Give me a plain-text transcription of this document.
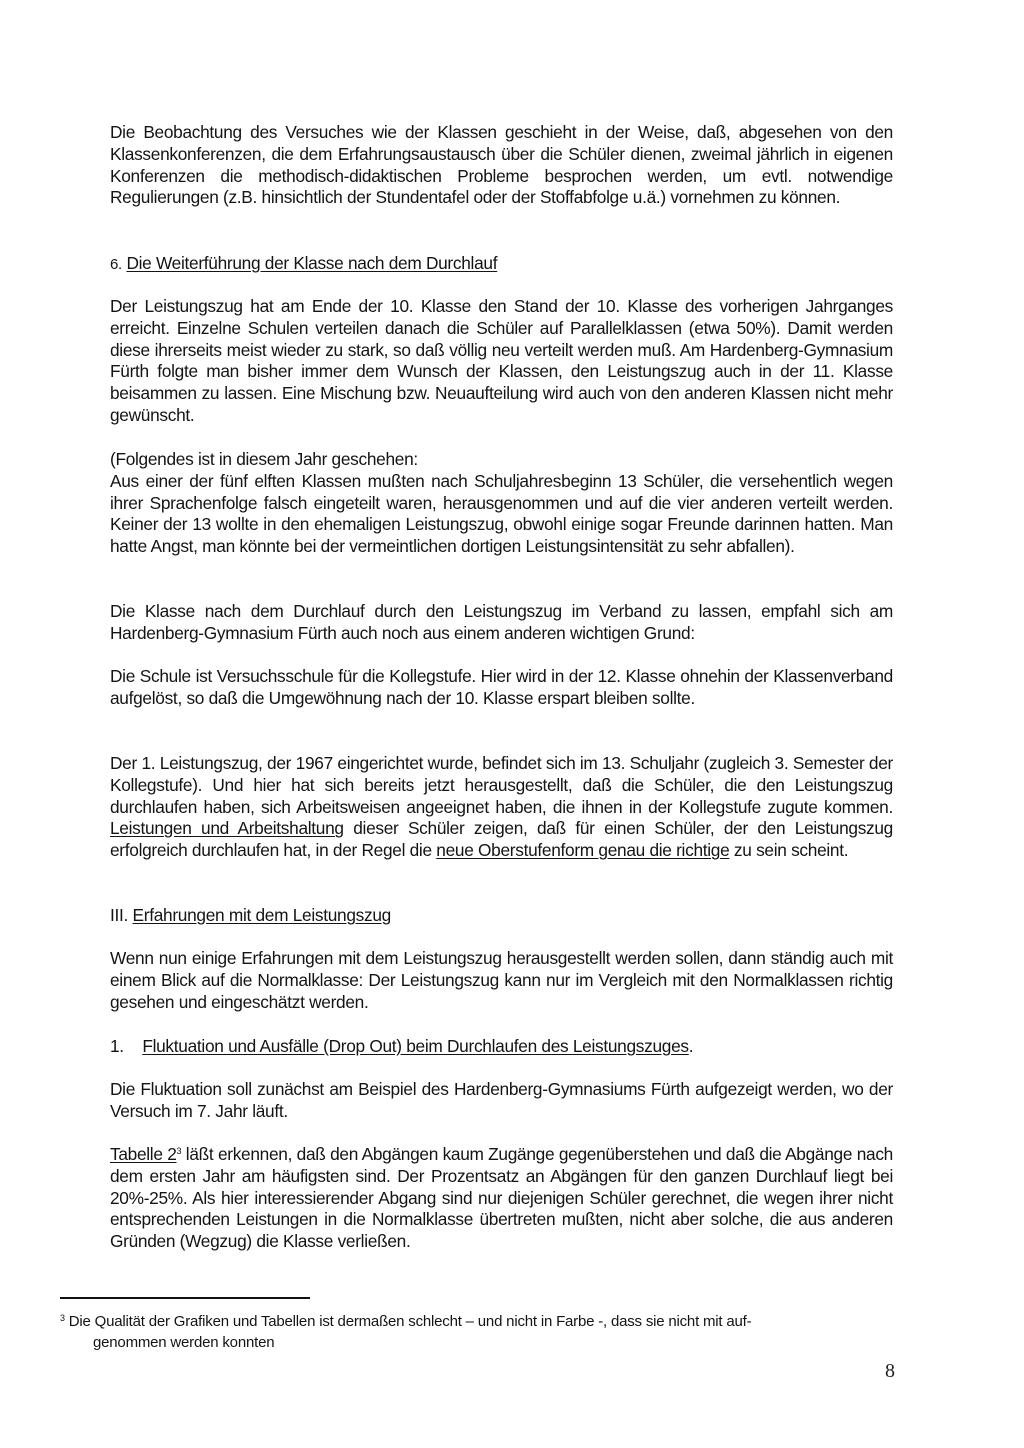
Die Beobachtung des Versuches wie der Klassen geschieht in der Weise, daß, abgesehen von den Klassenkonferenzen, die dem Erfahrungsaustausch über die Schüler dienen, zweimal jährlich in eigenen Konferenzen die methodisch-didaktischen Probleme besprochen werden, um evtl. notwendige Regulierungen (z.B. hinsichtlich der Stundentafel oder der Stoffabfolge u.ä.) vornehmen zu können.

6. Die Weiterführung der Klasse nach dem Durchlauf

Der Leistungszug hat am Ende der 10. Klasse den Stand der 10. Klasse des vorherigen Jahrganges erreicht. Einzelne Schulen verteilen danach die Schüler auf Parallelklassen (etwa 50%). Damit werden diese ihrerseits meist wieder zu stark, so daß völlig neu verteilt werden muß. Am Hardenberg-Gymnasium Fürth folgte man bisher immer dem Wunsch der Klassen, den Leistungszug auch in der 11. Klasse beisammen zu lassen. Eine Mischung bzw. Neuaufteilung wird auch von den anderen Klassen nicht mehr gewünscht.

(Folgendes ist in diesem Jahr geschehen:
Aus einer der fünf elften Klassen mußten nach Schuljahresbeginn 13 Schüler, die versehentlich wegen ihrer Sprachenfolge falsch eingeteilt waren, herausgenommen und auf die vier anderen verteilt werden. Keiner der 13 wollte in den ehemaligen Leistungszug, obwohl einige sogar Freunde darinnen hatten. Man hatte Angst, man könnte bei der vermeintlichen dortigen Leistungsintensität zu sehr abfallen).

Die Klasse nach dem Durchlauf durch den Leistungszug im Verband zu lassen, empfahl sich am Hardenberg-Gymnasium Fürth auch noch aus einem anderen wichtigen Grund:

Die Schule ist Versuchsschule für die Kollegstufe. Hier wird in der 12. Klasse ohnehin der Klassenverband aufgelöst, so daß die Umgewöhnung nach der 10. Klasse erspart bleiben sollte.

Der 1. Leistungszug, der 1967 eingerichtet wurde, befindet sich im 13. Schuljahr (zugleich 3. Semester der Kollegstufe). Und hier hat sich bereits jetzt herausgestellt, daß die Schüler, die den Leistungszug durchlaufen haben, sich Arbeitsweisen angeeignet haben, die ihnen in der Kollegstufe zugute kommen. Leistungen und Arbeitshaltung dieser Schüler zeigen, daß für einen Schüler, der den Leistungszug erfolgreich durchlaufen hat, in der Regel die neue Oberstufenform genau die richtige zu sein scheint.
III. Erfahrungen mit dem Leistungszug

Wenn nun einige Erfahrungen mit dem Leistungszug herausgestellt werden sollen, dann ständig auch mit einem Blick auf die Normalklasse: Der Leistungszug kann nur im Vergleich mit den Normalklassen richtig gesehen und eingeschätzt werden.

1. Fluktuation und Ausfälle (Drop Out) beim Durchlaufen des Leistungszuges.

Die Fluktuation soll zunächst am Beispiel des Hardenberg-Gymnasiums Fürth aufgezeigt werden, wo der Versuch im 7. Jahr läuft.

Tabelle $2^3$ läßt erkennen, daß den Abgängen kaum Zugänge gegenüberstehen und daß die Abgänge nach dem ersten Jahr am häufigsten sind. Der Prozentsatz an Abgängen für den ganzen Durchlauf liegt bei 20%-25%. Als hier interessierender Abgang sind nur diejenigen Schüler gerechnet, die wegen ihrer nicht entsprechenden Leistungen in die Normalklasse übertreten mußten, nicht aber solche, die aus anderen Gründen (Wegzug) die Klasse verließen.
$^3$ Die Qualität der Grafiken und Tabellen ist dermaßen schlecht – und nicht in Farbe -, dass sie nicht mit auf-
genommen werden konnten
8
